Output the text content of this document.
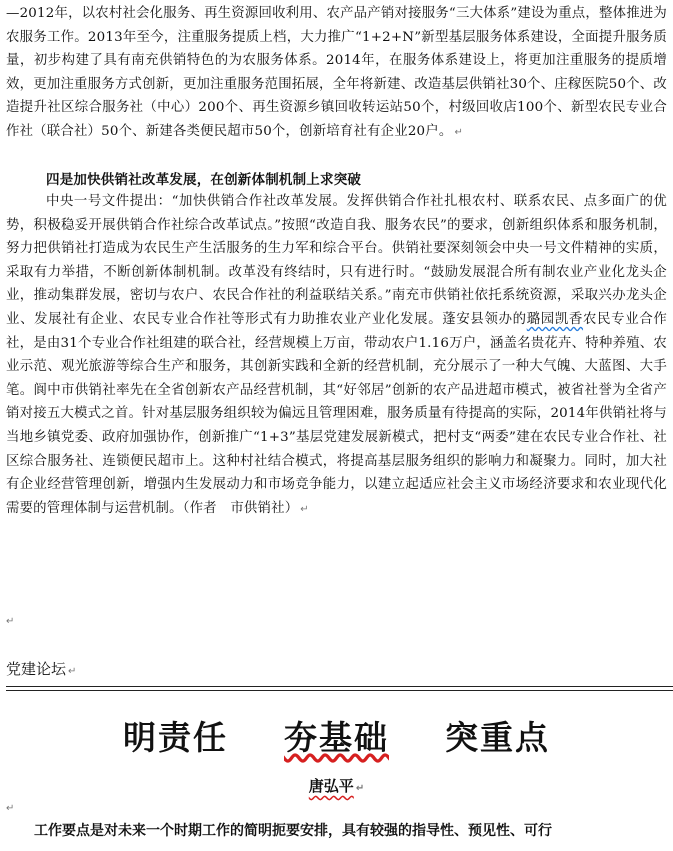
—2012年，以农村社会化服务、再生资源回收利用、农产品产销对接服务“三大体系”建设为重点，整体推进为农服务工作。2013年至今，注重服务提质上档，大力推广“1+2+N”新型基层服务体系建设，全面提升服务质量，初步构建了具有南充供销特色的为农服务体系。2014年，在服务体系建设上，将更加注重服务的提质增效，更加注重服务方式创新，更加注重服务范围拓展，全年将新建、改造基层供销社30个、庄稼医院50个、改造提升社区综合服务社（中心）200个、再生资源乡镇回收转运站50个，村级回收店100个、新型农民专业合作社（联合社）50个、新建各类便民超市50个，创新培育社有企业20户。 ↵

四是加快供销社改革发展，在创新体制机制上求突破

中央一号文件提出：“加快供销合作社改革发展。发挥供销合作社扎根农村、联系农民、点多面广的优势，积极稳妥开展供销合作社综合改革试点。”按照“改造自我、服务农民”的要求，创新组织体系和服务机制，努力把供销社打造成为农民生产生活服务的生力军和综合平台。供销社要深刻领会中央一号文件精神的实质，采取有力举措，不断创新体制机制。改革没有终结时，只有进行时。“鼓励发展混合所有制农业产业化龙头企业，推动集群发展，密切与农户、农民合作社的利益联结关系。”南充市供销社依托系统资源，采取兴办龙头企业、发展社有企业、农民专业合作社等形式有力助推农业产业化发展。蓬安县领办的璐园凯香农民专业合作社，是由31个专业合作社组建的联合社，经营规模上万亩，带动农户1.16万户，涵盖名贵花卉、特种养殖、农业示范、观光旅游等综合生产和服务，其创新实践和全新的经营机制，充分展示了一种大气魄、大蓝图、大手笔。阆中市供销社率先在全省创新农产品经营机制，其“好邻居”创新的农产品进超市模式，被省社誉为全省产销对接五大模式之首。针对基层服务组织较为偏远且管理困难，服务质量有待提高的实际，2014年供销社将与当地乡镇党委、政府加强协作，创新推广“1+3”基层党建发展新模式，把村支“两委”建在农民专业合作社、社区综合服务社、连锁便民超市上。这种村社结合模式，将提高基层服务组织的影响力和凝聚力。同时，加大社有企业经营管理创新，增强内生发展动力和市场竞争能力，以建立起适应社会主义市场经济要求和农业现代化需要的管理体制与运营机制。（作者　市供销社） ↵

↵
党建论坛 ↵
明责任 夯基础 突重点
唐弘平 ↵
↵
工作要点是对未来一个时期工作的简明扼要安排，具有较强的指导性、预见性、可行
